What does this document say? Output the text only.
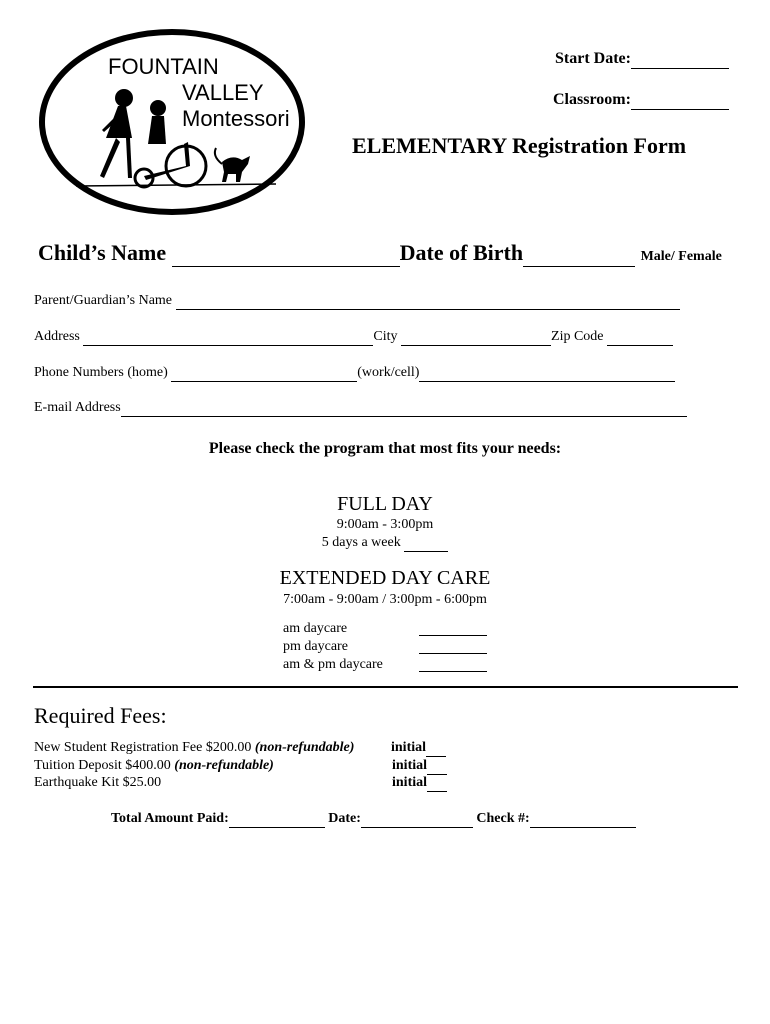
FOUNTAIN
VALLEY
Montessori
Start Date:
Classroom:
ELEMENTARY Registration Form
Child’s Name	Date of Birth	Male/ Female
Parent/Guardian’s Name
Address	City	Zip Code
Phone Numbers (home)	(work/cell)
E-mail Address
Please check the program that most fits your needs:
FULL DAY
9:00am - 3:00pm
5 days a week
EXTENDED DAY CARE
7:00am - 9:00am / 3:00pm - 6:00pm
am daycare
pm daycare
am & pm daycare
Required Fees:
New Student Registration Fee $200.00 (non-refundable)	initial
Tuition Deposit $400.00 (non-refundable)	initial
Earthquake Kit $25.00	initial
Total Amount Paid:	Date:	Check #:
